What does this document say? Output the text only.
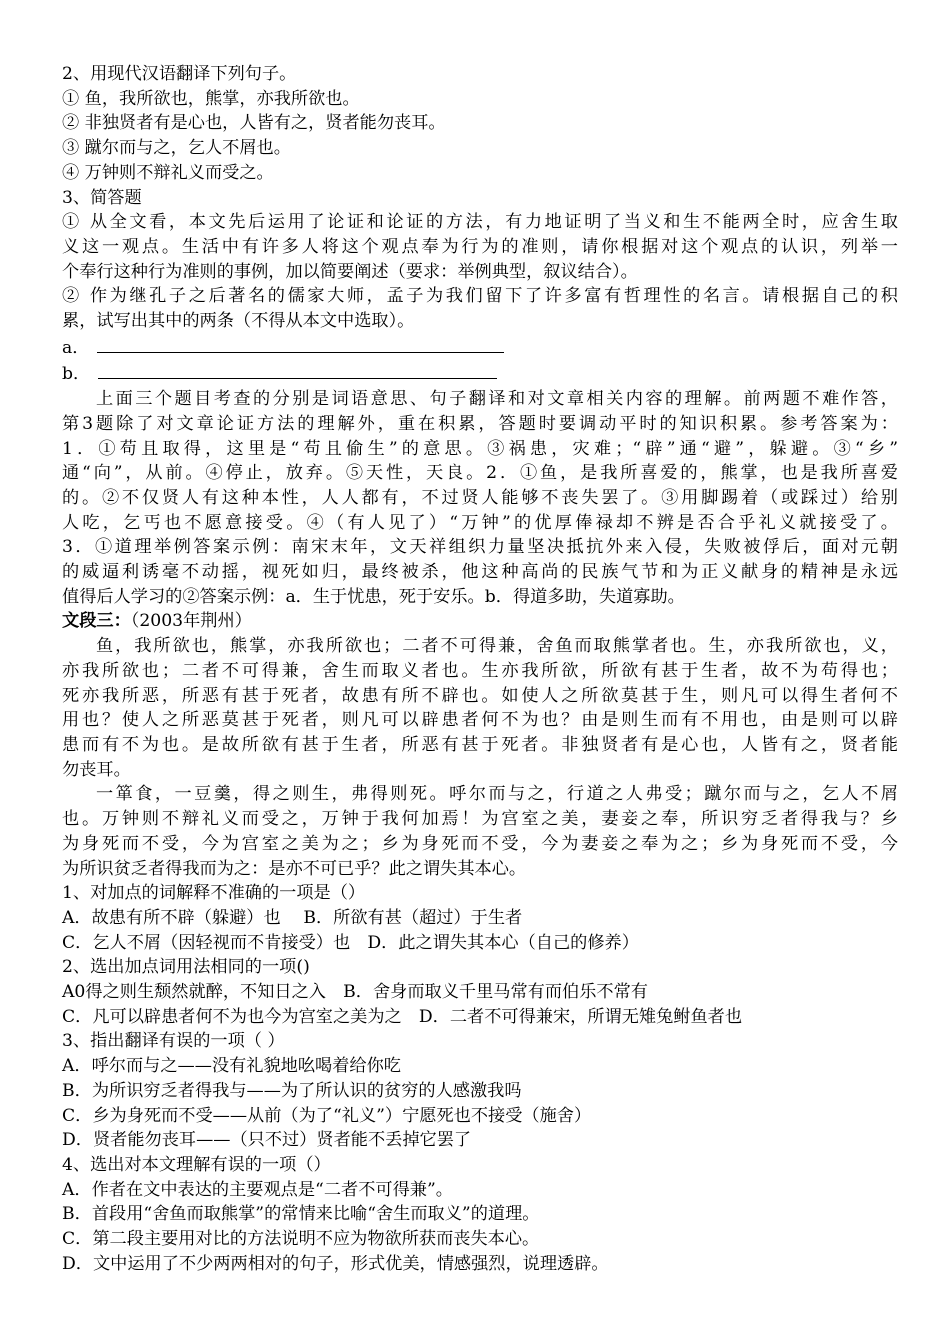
2、用现代汉语翻译下列句子。
① 鱼，我所欲也，熊掌，亦我所欲也。
② 非独贤者有是心也，人皆有之，贤者能勿丧耳。
③ 蹴尔而与之，乞人不屑也。
④ 万钟则不辩礼义而受之。
3、简答题
① 从全文看，本文先后运用了论证和论证的方法，有力地证明了当义和生不能两全时，应舍生取
义这一观点。生活中有许多人将这个观点奉为行为的准则，请你根据对这个观点的认识，列举一
个奉行这种行为准则的事例，加以简要阐述（要求：举例典型，叙议结合）。
② 作为继孔子之后著名的儒家大师，孟子为我们留下了许多富有哲理性的名言。请根据自己的积
累，试写出其中的两条（不得从本文中选取）。
a．
b．
上面三个题目考查的分别是词语意思、句子翻译和对文章相关内容的理解。前两题不难作答，
第3题除了对文章论证方法的理解外，重在积累，答题时要调动平时的知识积累。参考答案为：
1．①苟且取得，这里是“苟且偷生”的意思。③祸患，灾难；“辟”通“避”，躲避。③“乡”
通“向”，从前。④停止，放弃。⑤天性，天良。2．①鱼，是我所喜爱的，熊掌，也是我所喜爱
的。②不仅贤人有这种本性，人人都有，不过贤人能够不丧失罢了。③用脚踢着（或踩过）给别
人吃，乞丐也不愿意接受。④（有人见了）“万钟”的优厚俸禄却不辨是否合乎礼义就接受了。
3．①道理举例答案示例：南宋末年，文天祥组织力量坚决抵抗外来入侵，失败被俘后，面对元朝
的威逼利诱毫不动摇，视死如归，最终被杀，他这种高尚的民族气节和为正义献身的精神是永远
值得后人学习的②答案示例：a．生于忧患，死于安乐。b．得道多助，失道寡助。
文段三：（2003年荆州）
鱼，我所欲也，熊掌，亦我所欲也；二者不可得兼，舍鱼而取熊掌者也。生，亦我所欲也，义，
亦我所欲也；二者不可得兼，舍生而取义者也。生亦我所欲，所欲有甚于生者，故不为苟得也；
死亦我所恶，所恶有甚于死者，故患有所不辟也。如使人之所欲莫甚于生，则凡可以得生者何不
用也？使人之所恶莫甚于死者，则凡可以辟患者何不为也？由是则生而有不用也，由是则可以辟
患而有不为也。是故所欲有甚于生者，所恶有甚于死者。非独贤者有是心也，人皆有之，贤者能
勿丧耳。
一箪食，一豆羹，得之则生，弗得则死。呼尔而与之，行道之人弗受；蹴尔而与之，乞人不屑
也。万钟则不辩礼义而受之，万钟于我何加焉！为宫室之美，妻妾之奉，所识穷乏者得我与？乡
为身死而不受，今为宫室之美为之；乡为身死而不受，今为妻妾之奉为之；乡为身死而不受，今
为所识贫乏者得我而为之：是亦不可已乎？此之谓失其本心。
1、对加点的词解释不准确的一项是（）
A．故患有所不辟（躲避）也　 B．所欲有甚（超过）于生者
C．乞人不屑（因轻视而不肯接受）也　D．此之谓失其本心（自己的修养）
2、选出加点词用法相同的一项()
A0得之则生颓然就醉，不知日之入　B．舍身而取义千里马常有而伯乐不常有
C．凡可以辟患者何不为也今为宫室之美为之　D．二者不可得兼宋，所谓无雉兔鲋鱼者也
3、指出翻译有误的一项（ ）
A．呼尔而与之——没有礼貌地吆喝着给你吃
B．为所识穷乏者得我与——为了所认识的贫穷的人感激我吗
C．乡为身死而不受——从前（为了“礼义”）宁愿死也不接受（施舍）
D．贤者能勿丧耳——（只不过）贤者能不丢掉它罢了
4、选出对本文理解有误的一项（）
A．作者在文中表达的主要观点是“二者不可得兼”。
B．首段用“舍鱼而取熊掌”的常情来比喻“舍生而取义”的道理。
C．第二段主要用对比的方法说明不应为物欲所获而丧失本心。
D．文中运用了不少两两相对的句子，形式优美，情感强烈，说理透辟。
